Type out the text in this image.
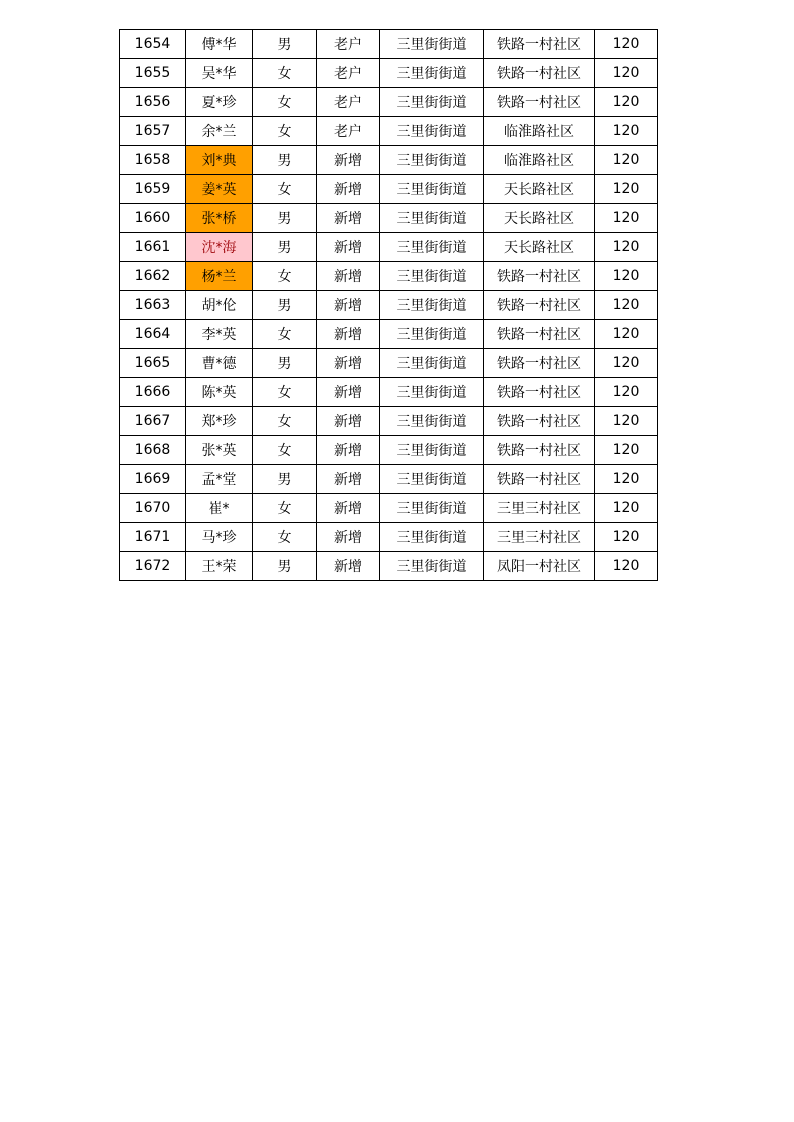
1654	傅*华	男	老户	三里街街道	铁路一村社区	120
1655	吴*华	女	老户	三里街街道	铁路一村社区	120
1656	夏*珍	女	老户	三里街街道	铁路一村社区	120
1657	余*兰	女	老户	三里街街道	临淮路社区	120
1658	刘*典	男	新增	三里街街道	临淮路社区	120
1659	姜*英	女	新增	三里街街道	天长路社区	120
1660	张*桥	男	新增	三里街街道	天长路社区	120
1661	沈*海	男	新增	三里街街道	天长路社区	120
1662	杨*兰	女	新增	三里街街道	铁路一村社区	120
1663	胡*伦	男	新增	三里街街道	铁路一村社区	120
1664	李*英	女	新增	三里街街道	铁路一村社区	120
1665	曹*德	男	新增	三里街街道	铁路一村社区	120
1666	陈*英	女	新增	三里街街道	铁路一村社区	120
1667	郑*珍	女	新增	三里街街道	铁路一村社区	120
1668	张*英	女	新增	三里街街道	铁路一村社区	120
1669	孟*堂	男	新增	三里街街道	铁路一村社区	120
1670	崔*	女	新增	三里街街道	三里三村社区	120
1671	马*珍	女	新增	三里街街道	三里三村社区	120
1672	王*荣	男	新增	三里街街道	凤阳一村社区	120
